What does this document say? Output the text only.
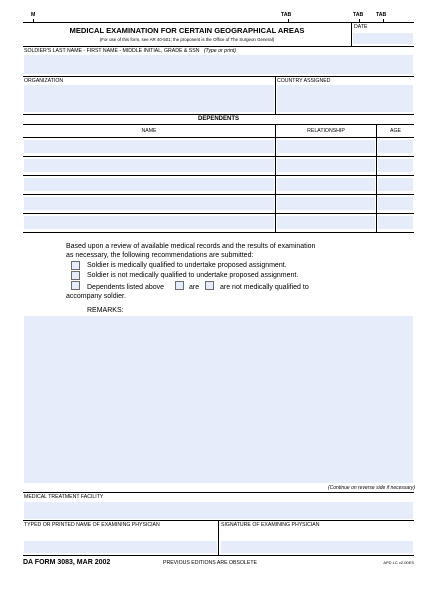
M	TAB	TAB TAB
MEDICAL EXAMINATION FOR CERTAIN GEOGRAPHICAL AREAS
(For use of this form, see AR 40-501; the proponent is the Office of The Surgeon General)
DATE
SOLDIER'S LAST NAME - FIRST NAME - MIDDLE INITIAL, GRADE & SSN (Type or print)
ORGANIZATION	COUNTRY ASSIGNED
DEPENDENTS
NAME	RELATIONSHIP	AGE
Based upon a review of available medical records and the results of examination
as necessary, the following recommendations are submitted:
Soldier is medically qualified to undertake proposed assignment.
Soldier is not medically qualified to undertake proposed assignment.
Dependents listed above	are	are not medically qualified to
accompany soldier.
REMARKS:
(Continue on reverse side if necessary)
MEDICAL TREATMENT FACILITY
TYPED OR PRINTED NAME OF EXAMINING PHYSICIAN	SIGNATURE OF EXAMINING PHYSICIAN
DA FORM 3083, MAR 2002	PREVIOUS EDITIONS ARE OBSOLETE	APD LC v2.00ES
